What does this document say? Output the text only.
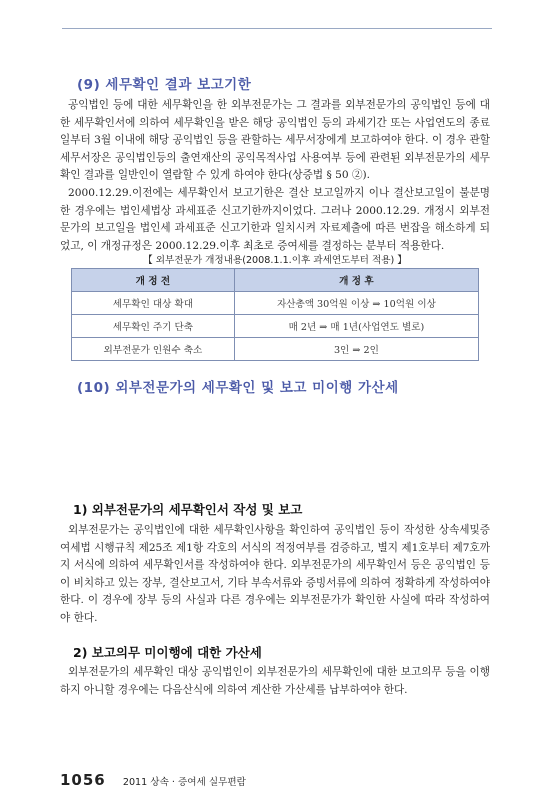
(9) 세무확인 결과 보고기한

공익법인 등에 대한 세무확인을 한 외부전문가는 그 결과를 외부전문가의 공익법인 등에 대한 세무확인서에 의하여 세무확인을 받은 해당 공익법인 등의 과세기간 또는 사업연도의 종료일부터 3월 이내에 해당 공익법인 등을 관할하는 세무서장에게 보고하여야 한다. 이 경우 관할세무서장은 공익법인등의 출연재산의 공익목적사업 사용여부 등에 관련된 외부전문가의 세무확인 결과를 일반인이 열람할 수 있게 하여야 한다(상증법 § 50 ②).

2000.12.29.이전에는 세무확인서 보고기한은 결산 보고일까지 이나 결산보고일이 불분명한 경우에는 법인세법상 과세표준 신고기한까지이었다. 그러나 2000.12.29. 개정시 외부전문가의 보고일을 법인세 과세표준 신고기한과 일치시켜 자료제출에 따른 번잡을 해소하게 되었고, 이 개정규정은 2000.12.29.이후 최초로 증여세를 결정하는 분부터 적용한다.

【 외부전문가 개정내용(2008.1.1.이후 과세연도부터 적용) 】
개 정 전	개 정 후
세무확인 대상 확대	자산총액 30억원 이상 ⇒ 10억원 이상
세무확인 주기 단축	매 2년 ⇒ 매 1년(사업연도 별로)
외부전문가 인원수 축소	3인 ⇒ 2인
(10) 외부전문가의 세무확인 및 보고 미이행 가산세
1) 외부전문가의 세무확인서 작성 및 보고

외부전문가는 공익법인에 대한 세무확인사항을 확인하여 공익법인 등이 작성한 상속세및증여세법 시행규칙 제25조 제1항 각호의 서식의 적정여부를 검증하고, 별지 제1호부터 제7호까지 서식에 의하여 세무확인서를 작성하여야 한다. 외부전문가의 세무확인서 등은 공익법인 등이 비치하고 있는 장부, 결산보고서, 기타 부속서류와 증빙서류에 의하여 정확하게 작성하여야 한다. 이 경우에 장부 등의 사실과 다른 경우에는 외부전문가가 확인한 사실에 따라 작성하여야 한다.

2) 보고의무 미이행에 대한 가산세

외부전문가의 세무확인 대상 공익법인이 외부전문가의 세무확인에 대한 보고의무 등을 이행하지 아니할 경우에는 다음산식에 의하여 계산한 가산세를 납부하여야 한다.

1056 2011 상속 · 증여세 실무편람
